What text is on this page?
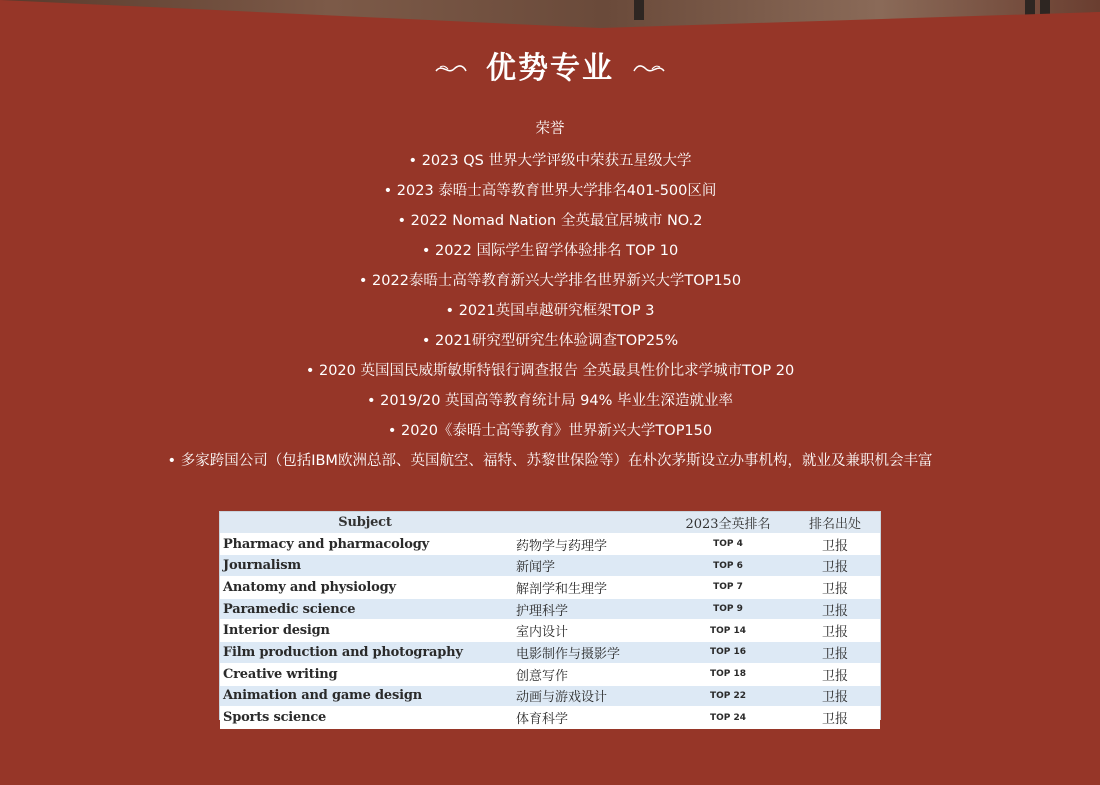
优势专业
荣誉
• 2023 QS 世界大学评级中荣获五星级大学
• 2023 泰晤士高等教育世界大学排名401-500区间
• 2022 Nomad Nation 全英最宜居城市 NO.2
• 2022 国际学生留学体验排名 TOP 10
• 2022泰晤士高等教育新兴大学排名世界新兴大学TOP150
• 2021英国卓越研究框架TOP 3
• 2021研究型研究生体验调查TOP25%
• 2020 英国国民威斯敏斯特银行调查报告 全英最具性价比求学城市TOP 20
• 2019/20 英国高等教育统计局 94% 毕业生深造就业率
• 2020《泰晤士高等教育》世界新兴大学TOP150
• 多家跨国公司（包括IBM欧洲总部、英国航空、福特、苏黎世保险等）在朴次茅斯设立办事机构，就业及兼职机会丰富
Subject		2023全英排名	排名出处
Pharmacy and pharmacology	药物学与药理学	TOP 4	卫报
Journalism	新闻学	TOP 6	卫报
Anatomy and physiology	解剖学和生理学	TOP 7	卫报
Paramedic science	护理科学	TOP 9	卫报
Interior design	室内设计	TOP 14	卫报
Film production and photography	电影制作与摄影学	TOP 16	卫报
Creative writing	创意写作	TOP 18	卫报
Animation and game design	动画与游戏设计	TOP 22	卫报
Sports science	体育科学	TOP 24	卫报
